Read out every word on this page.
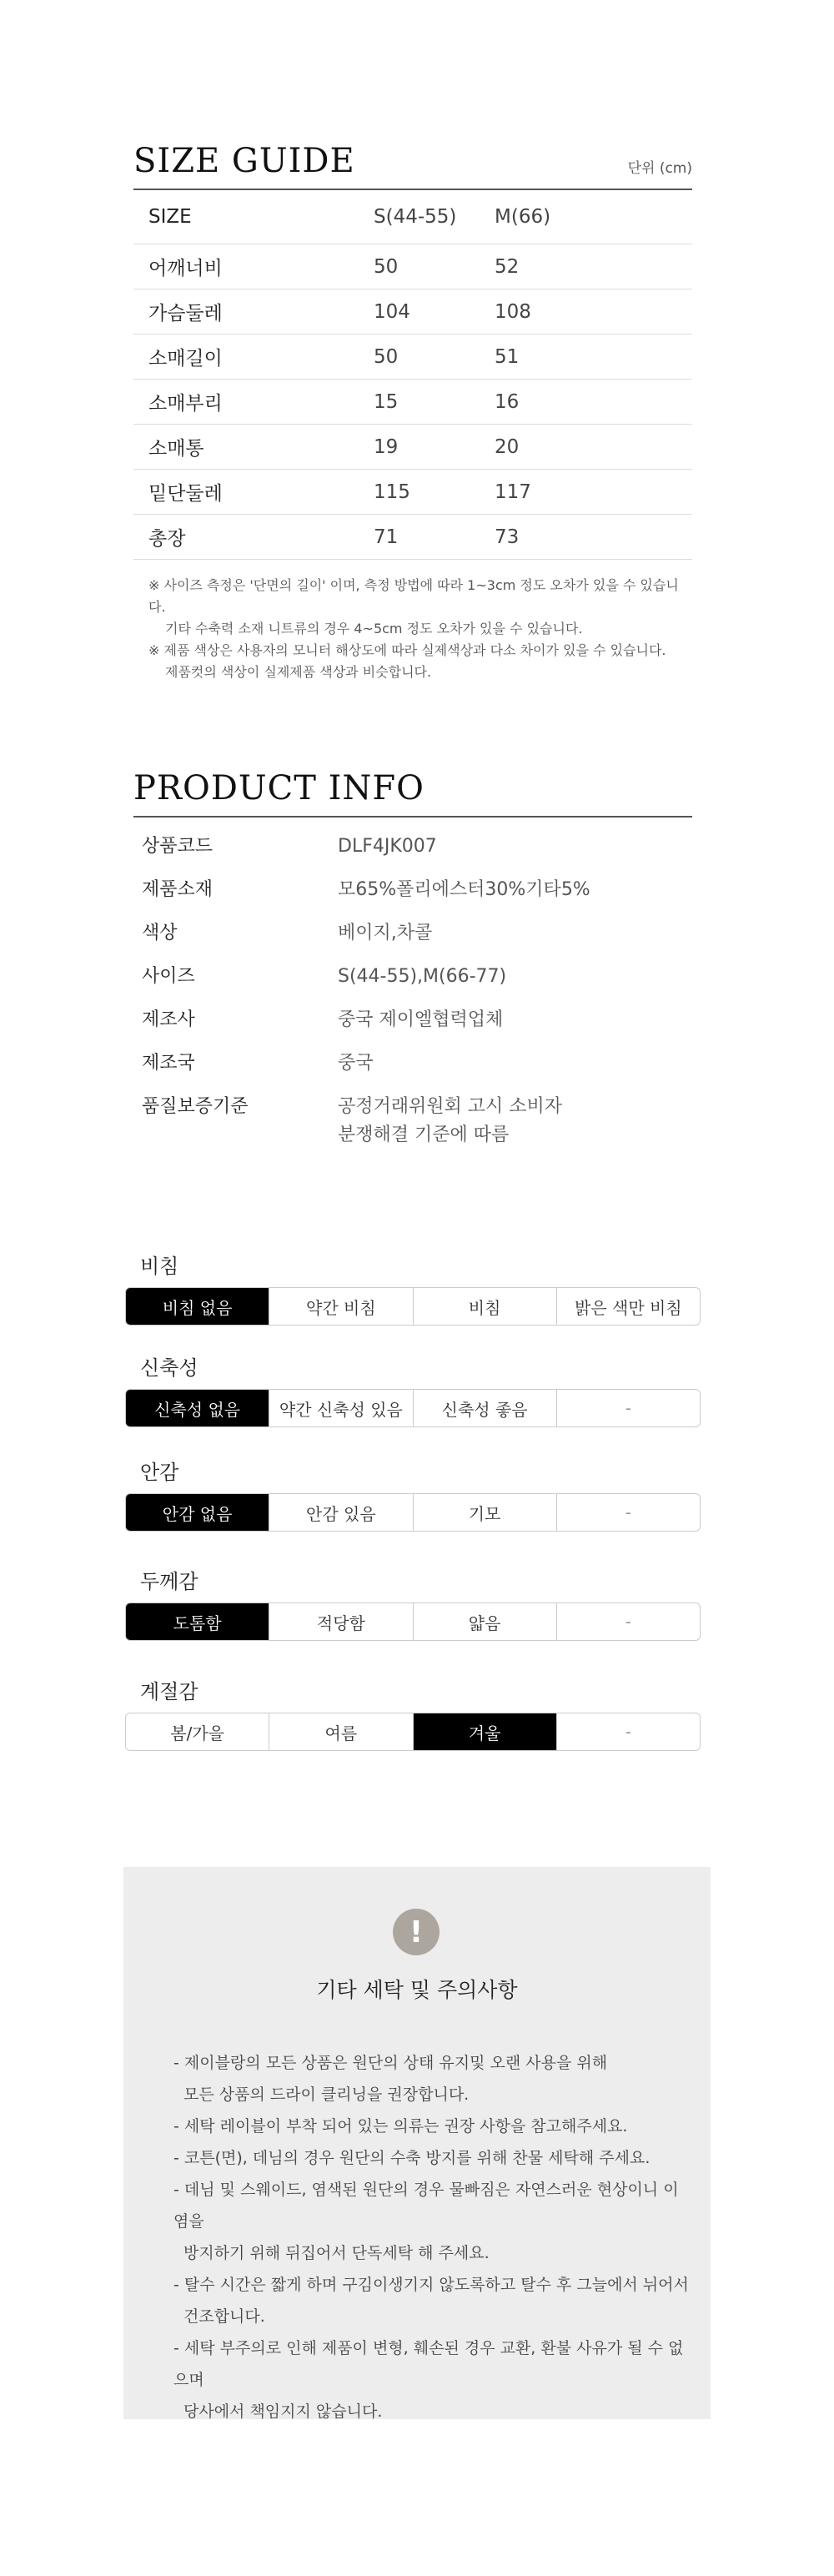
SIZE GUIDE	단위 (cm)
SIZE	S(44-55)	M(66)
어깨너비	50	52
가슴둘레	104	108
소매길이	50	51
소매부리	15	16
소매통	19	20
밑단둘레	115	117
총장	71	73
※ 사이즈 측정은 '단면의 길이' 이며, 측정 방법에 따라 1~3cm 정도 오차가 있을 수 있습니다.
기타 수축력 소재 니트류의 경우 4~5cm 정도 오차가 있을 수 있습니다.
※ 제품 색상은 사용자의 모니터 해상도에 따라 실제색상과 다소 차이가 있을 수 있습니다.
제품컷의 색상이 실제제품 색상과 비슷합니다.
PRODUCT INFO
상품코드	DLF4JK007
제품소재	모65%폴리에스터30%기타5%
색상	베이지,차콜
사이즈	S(44-55),M(66-77)
제조사	중국 제이엘협력업체
제조국	중국
품질보증기준	공정거래위원회 고시 소비자
분쟁해결 기준에 따름
비침
비침 없음	약간 비침	비침	밝은 색만 비침
신축성
신축성 없음	약간 신축성 있음	신축성 좋음	-
안감
안감 없음	안감 있음	기모	-
두께감
도톰함	적당함	얇음	-
계절감
봄/가을	여름	겨울	-
!
기타 세탁 및 주의사항
- 제이블랑의 모든 상품은 원단의 상태 유지및 오랜 사용을 위해
모든 상품의 드라이 클리닝을 권장합니다.
- 세탁 레이블이 부착 되어 있는 의류는 권장 사항을 참고해주세요.
- 코튼(면), 데님의 경우 원단의 수축 방지를 위해 찬물 세탁해 주세요.
- 데님 및 스웨이드, 염색된 원단의 경우 물빠짐은 자연스러운 현상이니 이염을
방지하기 위해 뒤집어서 단독세탁 해 주세요.
- 탈수 시간은 짧게 하며 구김이생기지 않도록하고 탈수 후 그늘에서 뉘어서
건조합니다.
- 세탁 부주의로 인해 제품이 변형, 훼손된 경우 교환, 환불 사유가 될 수 없으며
당사에서 책임지지 않습니다.
